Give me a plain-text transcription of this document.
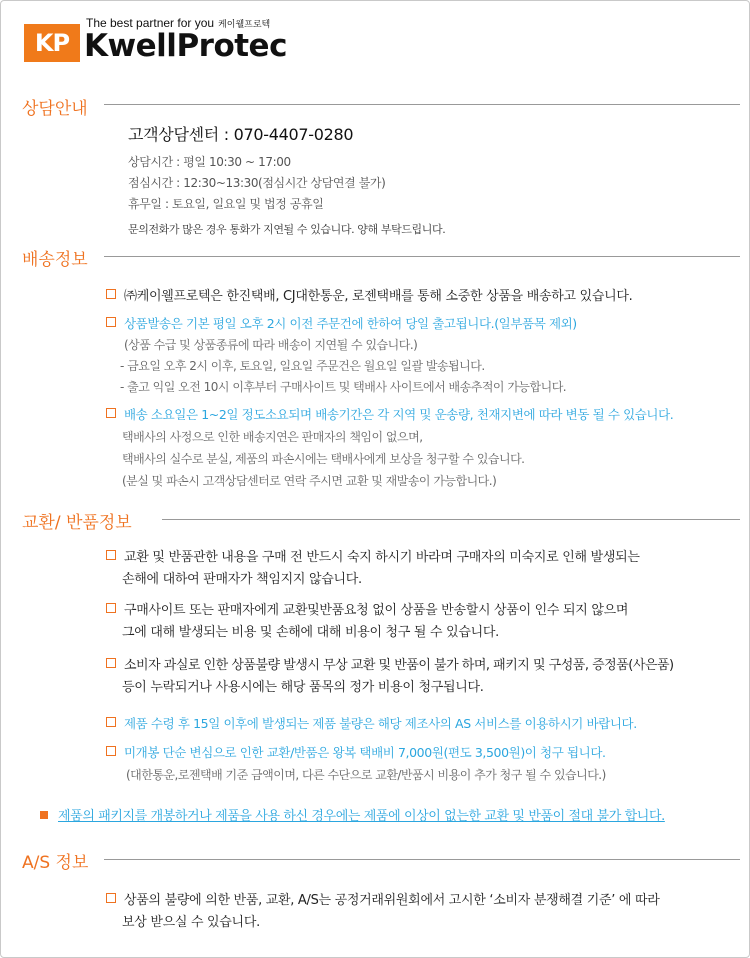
KP
The best partner for you 케이웰프로텍
KwellProtec
상담안내
고객상담센터 : 070-4407-0280
상담시간 : 평일 10:30 ~ 17:00
점심시간 : 12:30~13:30(점심시간 상담연결 불가)
휴무일 : 토요일, 일요일 및 법정 공휴일
문의전화가 많은 경우 통화가 지연될 수 있습니다. 양해 부탁드립니다.
배송정보
㈜케이웰프로텍은 한진택배, CJ대한통운, 로젠택배를 통해 소중한 상품을 배송하고 있습니다.
상품발송은 기본 평일 오후 2시 이전 주문건에 한하여 당일 출고됩니다.(일부품목 제외)
(상품 수급 및 상품종류에 따라 배송이 지연될 수 있습니다.)
- 금요일 오후 2시 이후, 토요일, 일요일 주문건은 월요일 일괄 발송됩니다.
- 출고 익일 오전 10시 이후부터 구매사이트 및 택배사 사이트에서 배송추적이 가능합니다.
배송 소요일은 1~2일 정도소요되며 배송기간은 각 지역 및 운송량, 천재지변에 따라 변동 될 수 있습니다.
택배사의 사정으로 인한 배송지연은 판매자의 책임이 없으며,
택배사의 실수로 분실, 제품의 파손시에는 택배사에게 보상을 청구할 수 있습니다.
(분실 및 파손시 고객상담센터로 연락 주시면 교환 및 재발송이 가능합니다.)
교환/ 반품정보
교환 및 반품관한 내용을 구매 전 반드시 숙지 하시기 바라며 구매자의 미숙지로 인해 발생되는
손해에 대하여 판매자가 책임지지 않습니다.
구매사이트 또는 판매자에게 교환및반품요청 없이 상품을 반송할시 상품이 인수 되지 않으며
그에 대해 발생되는 비용 및 손해에 대해 비용이 청구 될 수 있습니다.
소비자 과실로 인한 상품불량 발생시 무상 교환 및 반품이 불가 하며, 패키지 및 구성품, 증정품(사은품)
등이 누락되거나 사용시에는 해당 품목의 정가 비용이 청구됩니다.
제품 수령 후 15일 이후에 발생되는 제품 불량은 해당 제조사의 AS 서비스를 이용하시기 바랍니다.
미개봉 단순 변심으로 인한 교환/반품은 왕복 택배비 7,000원(편도 3,500원)이 청구 됩니다.
(대한통운,로젠택배 기준 금액이며, 다른 수단으로 교환/반품시 비용이 추가 청구 될 수 있습니다.)
제품의 패키지를 개봉하거나 제품을 사용 하신 경우에는 제품에 이상이 없는한 교환 및 반품이 절대 불가 합니다.
A/S 정보
상품의 불량에 의한 반품, 교환, A/S는 공정거래위원회에서 고시한 ‘소비자 분쟁해결 기준’ 에 따라
보상 받으실 수 있습니다.
